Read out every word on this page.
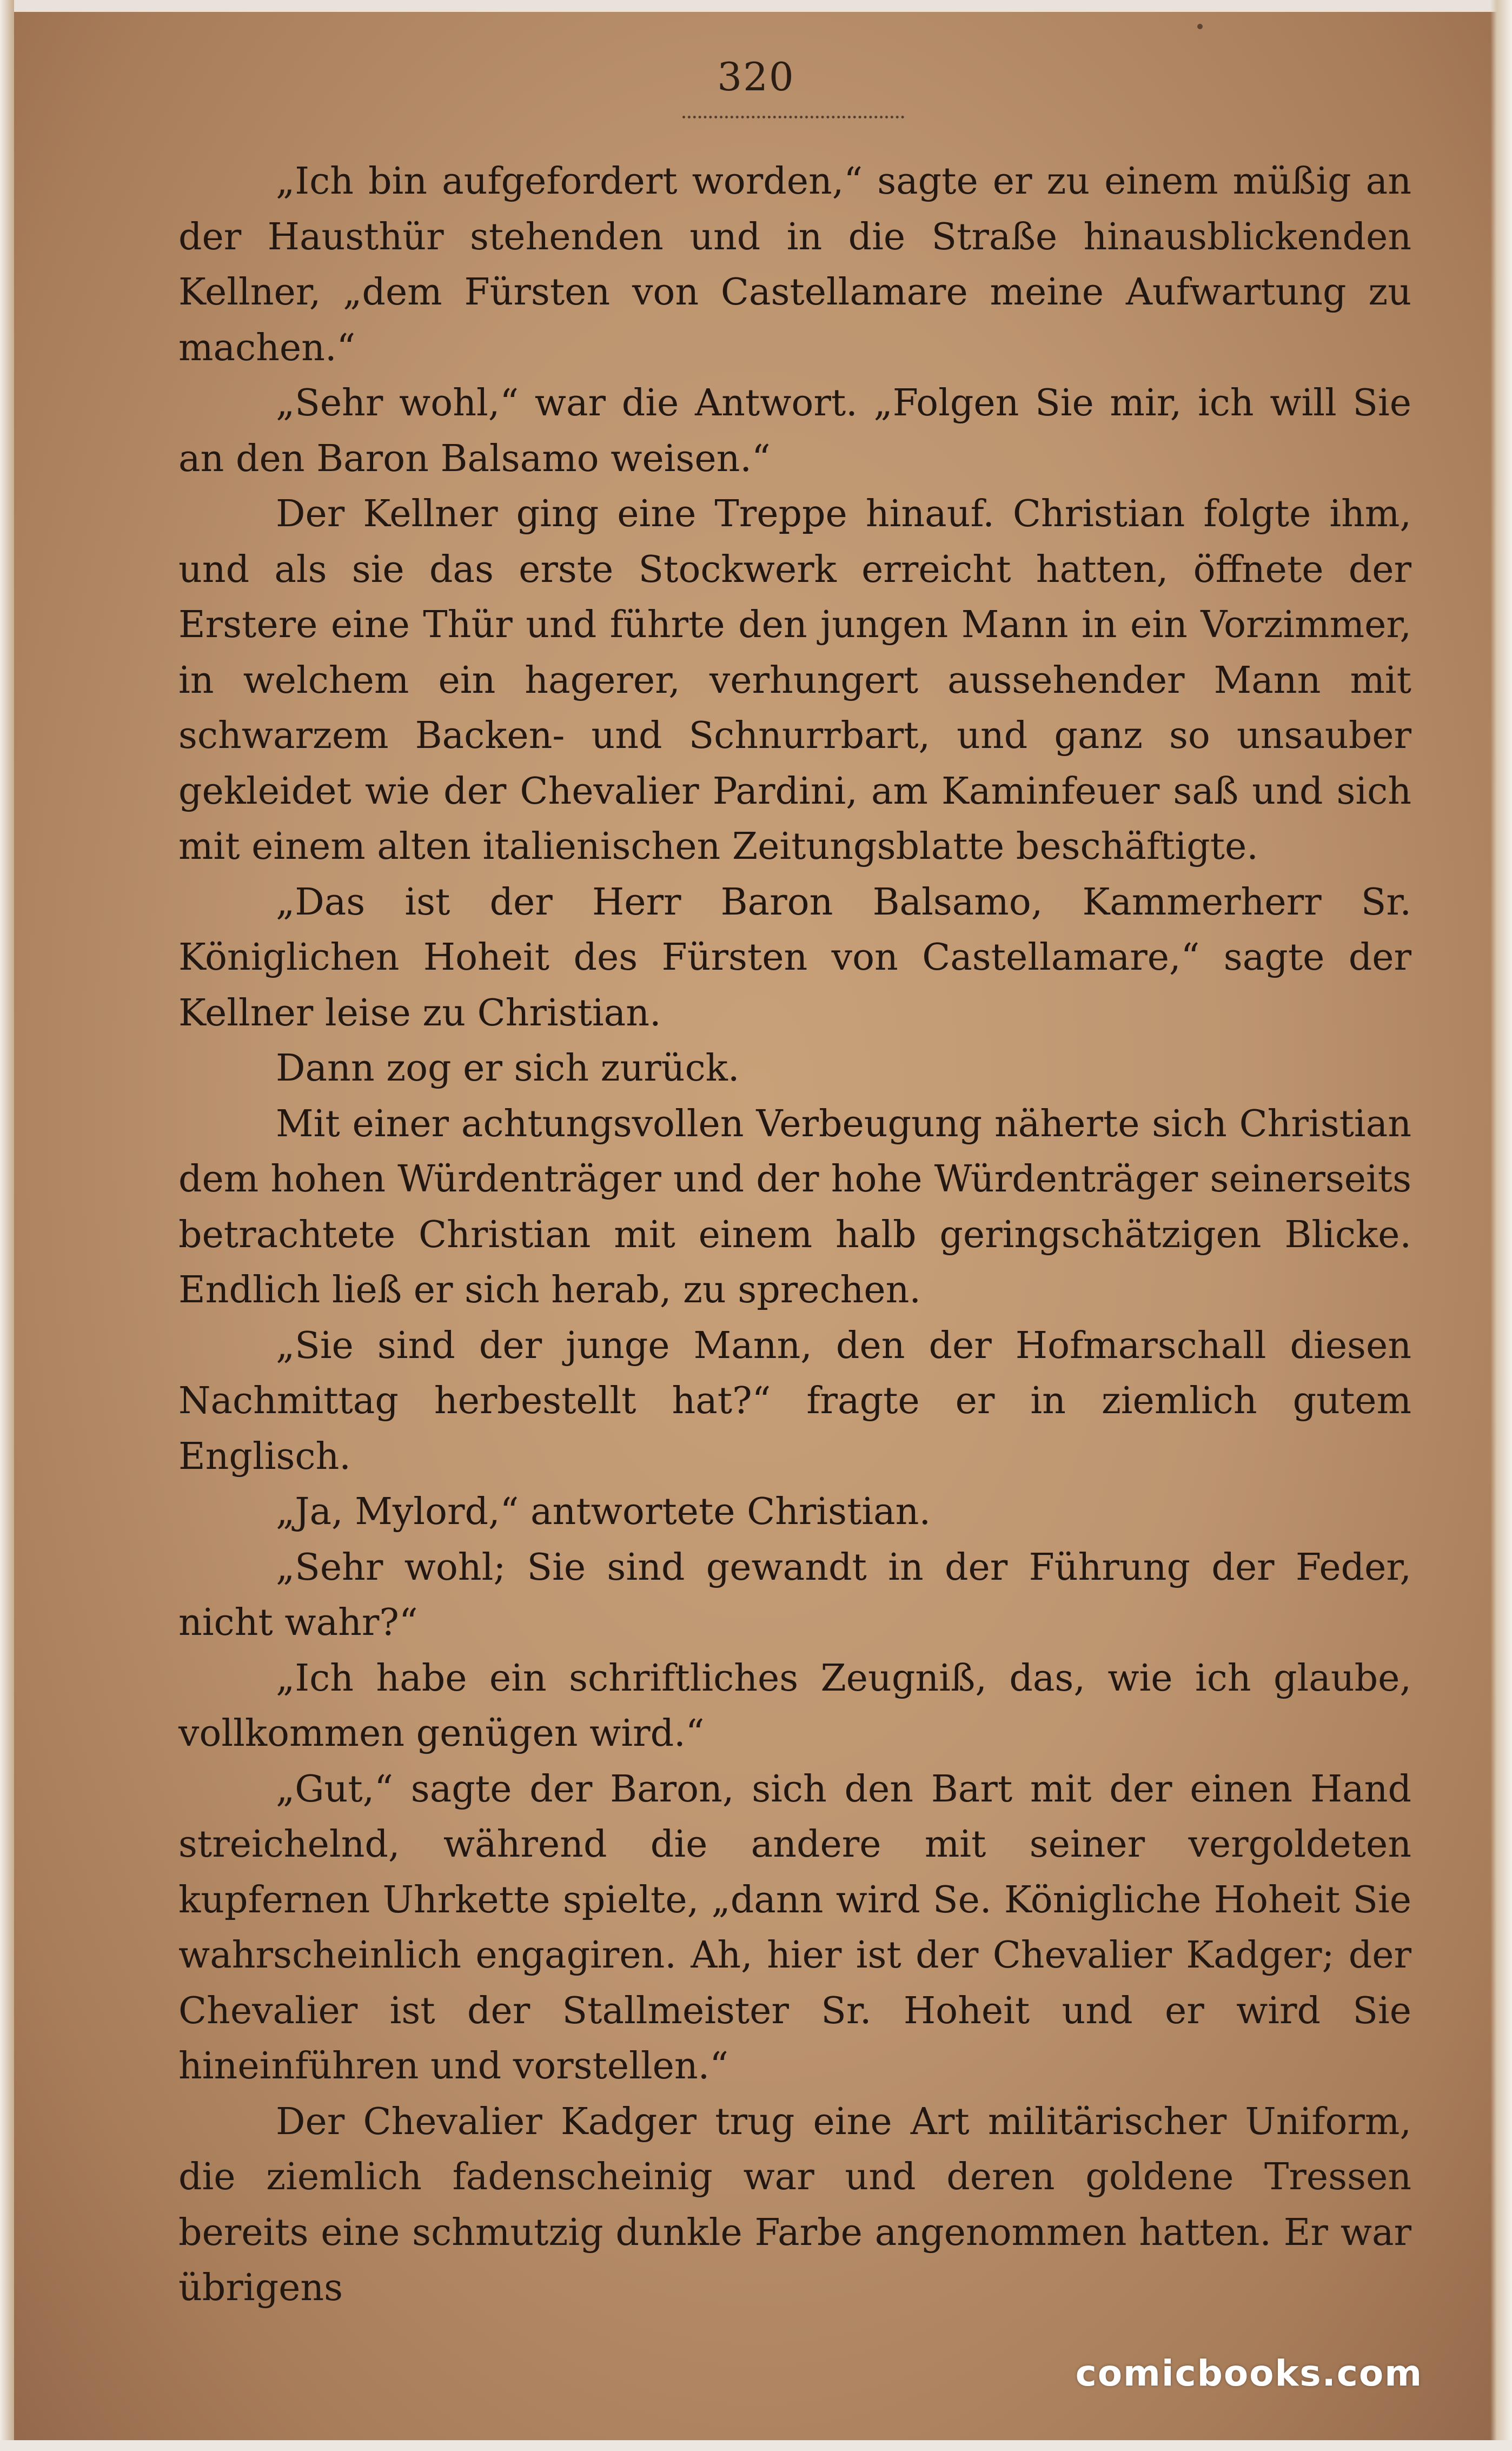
320

„Ich bin aufgefordert worden,“ sagte er zu einem müßig an der Hausthür stehenden und in die Straße hinausblickenden Kellner, „dem Fürsten von Castellamare meine Aufwartung zu machen.“

„Sehr wohl,“ war die Antwort. „Folgen Sie mir, ich will Sie an den Baron Balsamo weisen.“

Der Kellner ging eine Treppe hinauf. Christian folgte ihm, und als sie das erste Stockwerk erreicht hatten, öffnete der Erstere eine Thür und führte den jungen Mann in ein Vorzimmer, in welchem ein hagerer, verhungert aussehender Mann mit schwarzem Backen- und Schnurrbart, und ganz so unsauber gekleidet wie der Chevalier Pardini, am Kaminfeuer saß und sich mit einem alten italienischen Zeitungsblatte beschäftigte.

„Das ist der Herr Baron Balsamo, Kammerherr Sr. Königlichen Hoheit des Fürsten von Castellamare,“ sagte der Kellner leise zu Christian.

Dann zog er sich zurück.

Mit einer achtungsvollen Verbeugung näherte sich Christian dem hohen Würdenträger und der hohe Würdenträger seinerseits betrachtete Christian mit einem halb geringschätzigen Blicke. Endlich ließ er sich herab, zu sprechen.

„Sie sind der junge Mann, den der Hofmarschall diesen Nachmittag herbestellt hat?“ fragte er in ziemlich gutem Englisch.

„Ja, Mylord,“ antwortete Christian.

„Sehr wohl; Sie sind gewandt in der Führung der Feder, nicht wahr?“

„Ich habe ein schriftliches Zeugniß, das, wie ich glaube, vollkommen genügen wird.“

„Gut,“ sagte der Baron, sich den Bart mit der einen Hand streichelnd, während die andere mit seiner vergoldeten kupfernen Uhrkette spielte, „dann wird Se. Königliche Hoheit Sie wahrscheinlich engagiren. Ah, hier ist der Chevalier Kadger; der Chevalier ist der Stallmeister Sr. Hoheit und er wird Sie hineinführen und vorstellen.“

Der Chevalier Kadger trug eine Art militärischer Uniform, die ziemlich fadenscheinig war und deren goldene Tressen bereits eine schmutzig dunkle Farbe angenommen hatten. Er war übrigens

comicbooks.com
